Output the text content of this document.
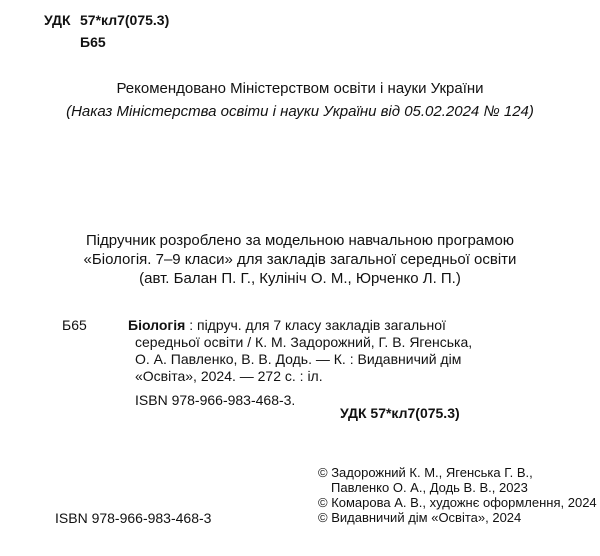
УДК 57*кл7(075.3)
Б65
Рекомендовано Міністерством освіти і науки України
(Наказ Міністерства освіти і науки України від 05.02.2024 № 124)
Підручник розроблено за модельною навчальною програмою
«Біологія. 7–9 класи» для закладів загальної середньої освіти
(авт. Балан П. Г., Кулініч О. М., Юрченко Л. П.)
Б65	Біологія : підруч. для 7 класу закладів загальної
середньої освіти / К. М. Задорожний, Г. В. Ягенська,
О. А. Павленко, В. В. Додь. — К. : Видавничий дім
«Освіта», 2024. — 272 с. : іл.
ISBN 978-966-983-468-3.
УДК 57*кл7(075.3)
© Задорожний К. М., Ягенська Г. В.,
Павленко О. А., Додь В. В., 2023
© Комарова А. В., художнє оформлення, 2024
© Видавничий дім «Освіта», 2024
ISBN 978-966-983-468-3
